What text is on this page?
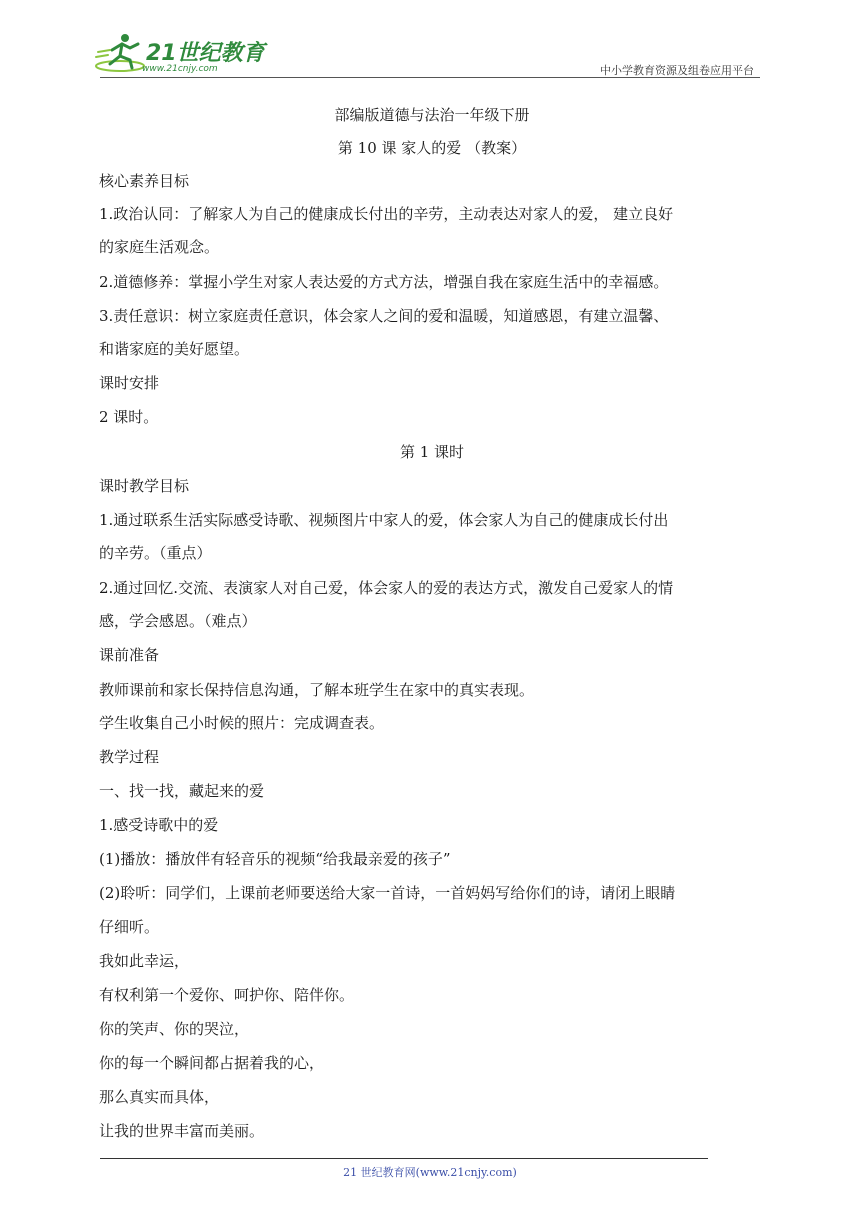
21世纪教育
www.21cnjy.com	中小学教育资源及组卷应用平台
部编版道德与法治一年级下册
第 10 课 家人的爱 （教案）
核心素养目标
1.政治认同：了解家人为自己的健康成长付出的辛劳，主动表达对家人的爱， 建立良好
的家庭生活观念。
2.道德修养：掌握小学生对家人表达爱的方式方法，增强自我在家庭生活中的幸福感。
3.责任意识：树立家庭责任意识，体会家人之间的爱和温暖，知道感恩，有建立温馨、
和谐家庭的美好愿望。
课时安排
2 课时。
第 1 课时
课时教学目标
1.通过联系生活实际感受诗歌、视频图片中家人的爱，体会家人为自己的健康成长付出
的辛劳。（重点）
2.通过回忆.交流、表演家人对自己爱，体会家人的爱的表达方式，激发自己爱家人的情
感，学会感恩。（难点）
课前准备
教师课前和家长保持信息沟通，了解本班学生在家中的真实表现。
学生收集自己小时候的照片：完成调查表。
教学过程
一、找一找，藏起来的爱
1.感受诗歌中的爱
(1)播放：播放伴有轻音乐的视频“给我最亲爱的孩子”
(2)聆听：同学们，上课前老师要送给大家一首诗，一首妈妈写给你们的诗，请闭上眼睛
仔细听。
我如此幸运，
有权利第一个爱你、呵护你、陪伴你。
你的笑声、你的哭泣，
你的每一个瞬间都占据着我的心，
那么真实而具体，
让我的世界丰富而美丽。
21 世纪教育网(www.21cnjy.com)
